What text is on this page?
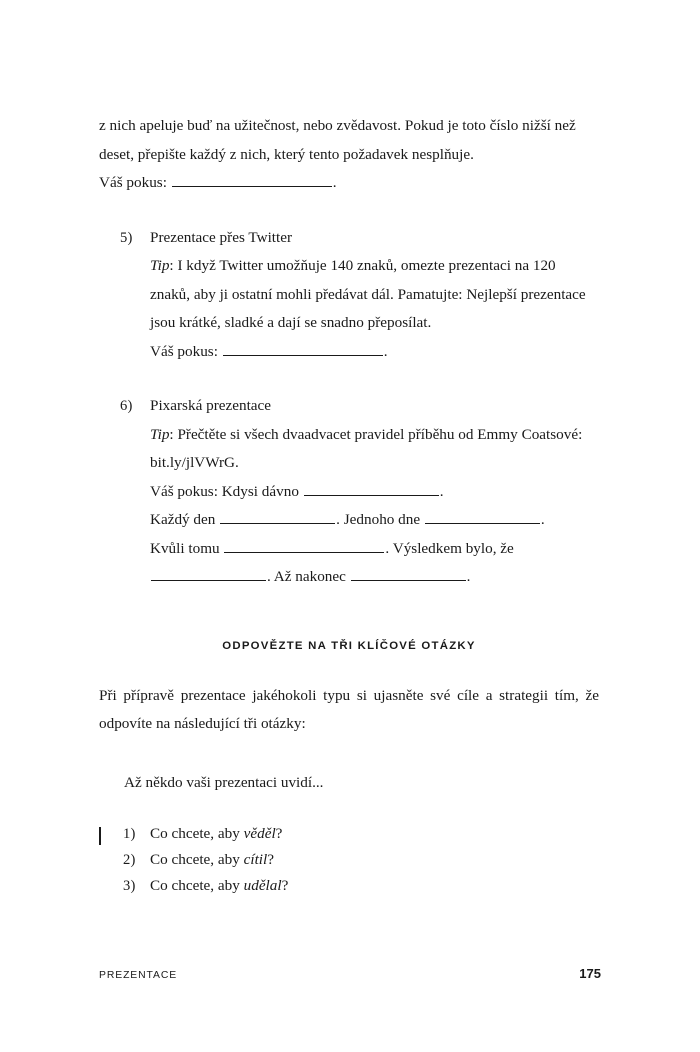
z nich apeluje buď na užitečnost, nebo zvědavost. Pokud je toto číslo nižší než deset, přepište každý z nich, který tento požadavek nesplňuje.

Váš pokus:	.
5)	Prezentace přes Twitter
Tip: I když Twitter umožňuje 140 znaků, omezte prezentaci na 120 znaků, aby ji ostatní mohli předávat dál. Pamatujte: Nejlepší prezentace jsou krátké, sladké a dají se snadno přeposílat.
Váš pokus:	.
6)	Pixarská prezentace
Tip: Přečtěte si všech dvaadvacet pravidel příběhu od Emmy Coatsové: bit.ly/jlVWrG.
Váš pokus: Kdysi dávno	.
Každý den	. Jednoho dne	.
Kvůli tomu	. Výsledkem bylo, že
. Až nakonec	.
ODPOVĚZTE NA TŘI KLÍČOVÉ OTÁZKY

Při přípravě prezentace jakéhokoli typu si ujasněte své cíle a strategii tím, že odpovíte na následující tři otázky:

Až někdo vaši prezentaci uvidí...
1) Co chcete, aby věděl?
2) Co chcete, aby cítil?
3) Co chcete, aby udělal?
PREZENTACE	175
